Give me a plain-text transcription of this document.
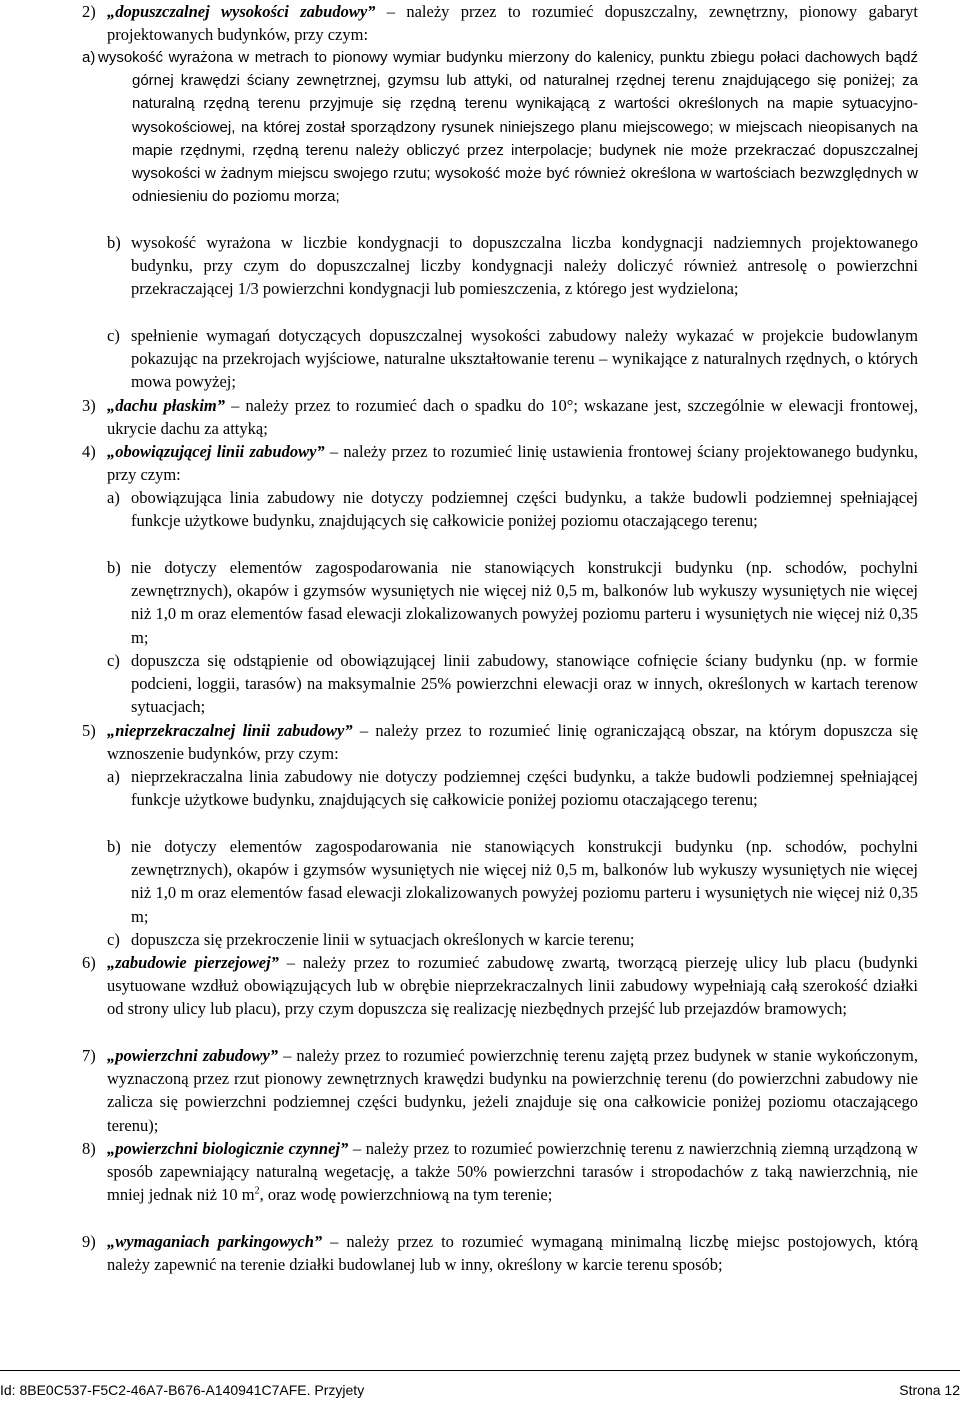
2) „dopuszczalnej wysokości zabudowy” – należy przez to rozumieć dopuszczalny, zewnętrzny, pionowy gabaryt projektowanych budynków, przy czym:
a) wysokość wyrażona w metrach to pionowy wymiar budynku mierzony do kalenicy, punktu zbiegu połaci dachowych bądź górnej krawędzi ściany zewnętrznej, gzymsu lub attyki, od naturalnej rzędnej terenu znajdującego się poniżej; za naturalną rzędną terenu przyjmuje się rzędną terenu wynikającą z wartości określonych na mapie sytuacyjno-wysokościowej, na której został sporządzony rysunek niniejszego planu miejscowego; w miejscach nieopisanych na mapie rzędnymi, rzędną terenu należy obliczyć przez interpolacje; budynek nie może przekraczać dopuszczalnej wysokości w żadnym miejscu swojego rzutu; wysokość może być również określona w wartościach bezwzględnych w odniesieniu do poziomu morza;
b) wysokość wyrażona w liczbie kondygnacji to dopuszczalna liczba kondygnacji nadziemnych projektowanego budynku, przy czym do dopuszczalnej liczby kondygnacji należy doliczyć również antresolę o powierzchni przekraczającej 1/3 powierzchni kondygnacji lub pomieszczenia, z którego jest wydzielona;
c) spełnienie wymagań dotyczących dopuszczalnej wysokości zabudowy należy wykazać w projekcie budowlanym pokazując na przekrojach wyjściowe, naturalne ukształtowanie terenu – wynikające z naturalnych rzędnych, o których mowa powyżej;
3) „dachu płaskim” – należy przez to rozumieć dach o spadku do 10°; wskazane jest, szczególnie w elewacji frontowej, ukrycie dachu za attyką;
4) „obowiązującej linii zabudowy” – należy przez to rozumieć linię ustawienia frontowej ściany projektowanego budynku, przy czym:
a) obowiązująca linia zabudowy nie dotyczy podziemnej części budynku, a także budowli podziemnej spełniającej funkcje użytkowe budynku, znajdujących się całkowicie poniżej poziomu otaczającego terenu;
b) nie dotyczy elementów zagospodarowania nie stanowiących konstrukcji budynku (np. schodów, pochylni zewnętrznych), okapów i gzymsów wysuniętych nie więcej niż 0,5 m, balkonów lub wykuszy wysuniętych nie więcej niż 1,0 m oraz elementów fasad elewacji zlokalizowanych powyżej poziomu parteru i wysuniętych nie więcej niż 0,35 m;
c) dopuszcza się odstąpienie od obowiązującej linii zabudowy, stanowiące cofnięcie ściany budynku (np. w formie podcieni, loggii, tarasów) na maksymalnie 25% powierzchni elewacji oraz w innych, określonych w kartach terenow sytuacjach;
5) „nieprzekraczalnej linii zabudowy” – należy przez to rozumieć linię ograniczającą obszar, na którym dopuszcza się wznoszenie budynków, przy czym:
a) nieprzekraczalna linia zabudowy nie dotyczy podziemnej części budynku, a także budowli podziemnej spełniającej funkcje użytkowe budynku, znajdujących się całkowicie poniżej poziomu otaczającego terenu;
b) nie dotyczy elementów zagospodarowania nie stanowiących konstrukcji budynku (np. schodów, pochylni zewnętrznych), okapów i gzymsów wysuniętych nie więcej niż 0,5 m, balkonów lub wykuszy wysuniętych nie więcej niż 1,0 m oraz elementów fasad elewacji zlokalizowanych powyżej poziomu parteru i wysuniętych nie więcej niż 0,35 m;
c) dopuszcza się przekroczenie linii w sytuacjach określonych w karcie terenu;
6) „zabudowie pierzejowej” – należy przez to rozumieć zabudowę zwartą, tworzącą pierzeję ulicy lub placu (budynki usytuowane wzdłuż obowiązujących lub w obrębie nieprzekraczalnych linii zabudowy wypełniają całą szerokość działki od strony ulicy lub placu), przy czym dopuszcza się realizację niezbędnych przejść lub przejazdów bramowych;
7) „powierzchni zabudowy” – należy przez to rozumieć powierzchnię terenu zajętą przez budynek w stanie wykończonym, wyznaczoną przez rzut pionowy zewnętrznych krawędzi budynku na powierzchnię terenu (do powierzchni zabudowy nie zalicza się powierzchni podziemnej części budynku, jeżeli znajduje się ona całkowicie poniżej poziomu otaczającego terenu);
8) „powierzchni biologicznie czynnej” – należy przez to rozumieć powierzchnię terenu z nawierzchnią ziemną urządzoną w sposób zapewniający naturalną wegetację, a także 50% powierzchni tarasów i stropodachów z taką nawierzchnią, nie mniej jednak niż 10 $m^2$, oraz wodę powierzchniową na tym terenie;
9) „wymaganiach parkingowych” – należy przez to rozumieć wymaganą minimalną liczbę miejsc postojowych, którą należy zapewnić na terenie działki budowlanej lub w inny, określony w karcie terenu sposób;
Id: 8BE0C537-F5C2-46A7-B676-A140941C7AFE. Przyjety	Strona 12
